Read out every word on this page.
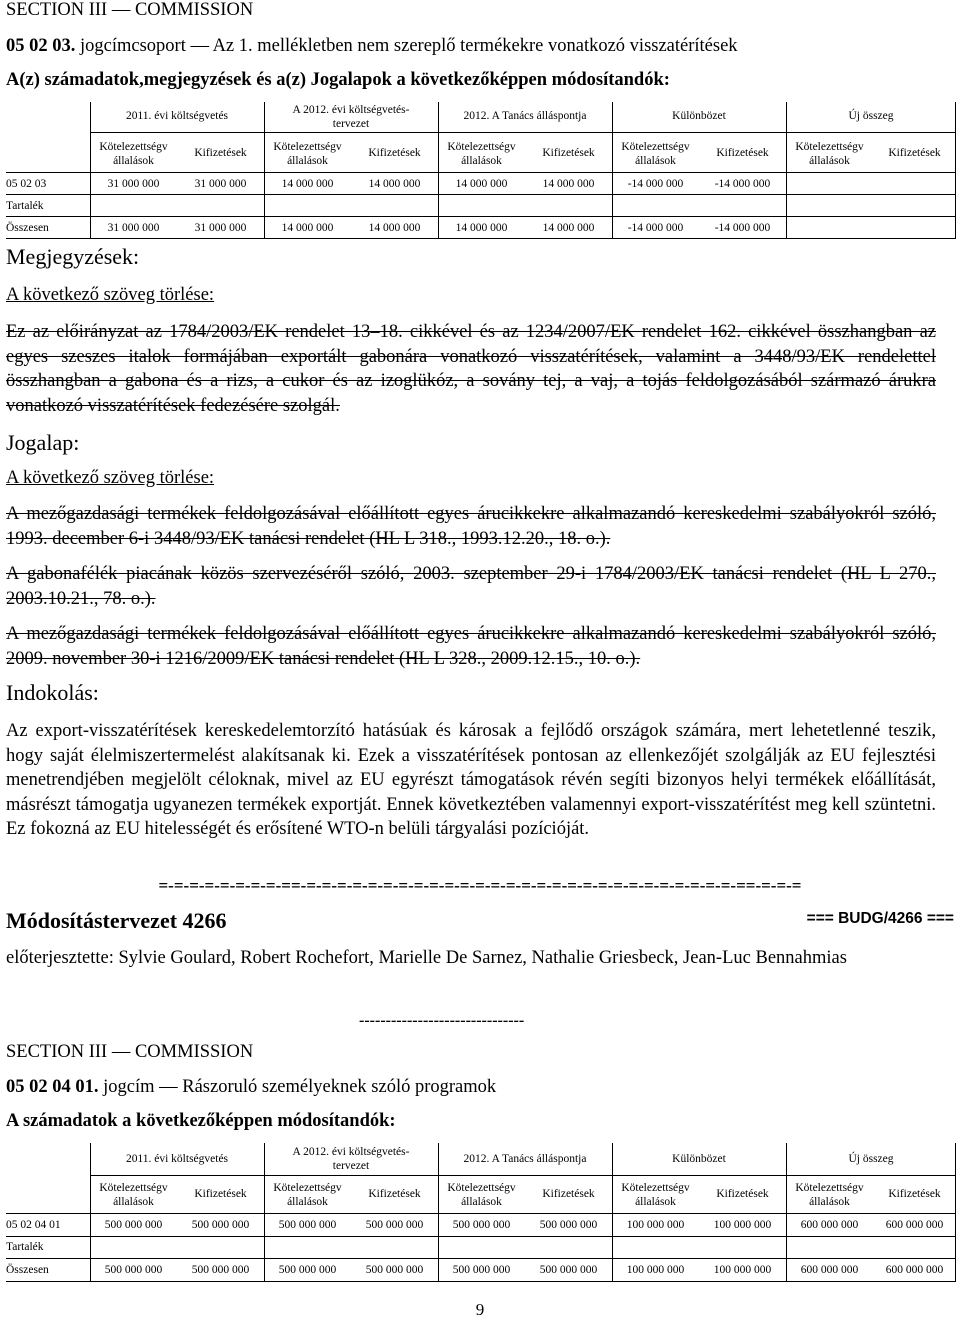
SECTION III — COMMISSION
05 02 03. jogcímcsoport — Az 1. mellékletben nem szereplő termékekre vonatkozó visszatérítések
A(z) számadatok,megjegyzések és a(z) Jogalapok a következőképpen módosítandók:
2011. évi költségvetés	A 2012. évi költségvetés-
tervezet
2012. A Tanács álláspontja	Különbözet	Új összeg
Kötelezettségv
állalások
Kifizetések	Kötelezettségv
állalások
Kifizetések	Kötelezettségv
állalások
Kifizetések	Kötelezettségv
állalások
Kifizetések	Kötelezettségv
állalások
Kifizetések
05 02 03	31 000 000	31 000 000	14 000 000	14 000 000	14 000 000	14 000 000	-14 000 000	-14 000 000
Tartalék
Összesen	31 000 000	31 000 000	14 000 000	14 000 000	14 000 000	14 000 000	-14 000 000	-14 000 000
Megjegyzések:
A következő szöveg törlése:
Ez az előirányzat az 1784/2003/EK rendelet 13–18. cikkével és az 1234/2007/EK rendelet 162. cikkével összhangban az egyes szeszes italok formájában exportált gabonára vonatkozó visszatérítések, valamint a 3448/93/EK rendelettel összhangban a gabona és a rizs, a cukor és az izoglükóz, a sovány tej, a vaj, a tojás feldolgozásából származó árukra vonatkozó visszatérítések fedezésére szolgál.
Jogalap:
A következő szöveg törlése:
A mezőgazdasági termékek feldolgozásával előállított egyes árucikkekre alkalmazandó kereskedelmi szabályokról szóló, 1993. december 6-i 3448/93/EK tanácsi rendelet (HL L 318., 1993.12.20., 18. o.).
A gabonafélék piacának közös szervezéséről szóló, 2003. szeptember 29-i 1784/2003/EK tanácsi rendelet (HL L 270., 2003.10.21., 78. o.).
A mezőgazdasági termékek feldolgozásával előállított egyes árucikkekre alkalmazandó kereskedelmi szabályokról szóló, 2009. november 30-i 1216/2009/EK tanácsi rendelet (HL L 328., 2009.12.15., 10. o.).
Indokolás:
Az export-visszatérítések kereskedelemtorzító hatásúak és károsak a fejlődő országok számára, mert lehetetlenné teszik, hogy saját élelmiszertermelést alakítsanak ki. Ezek a visszatérítések pontosan az ellenkezőjét szolgálják az EU fejlesztési menetrendjében megjelölt céloknak, mivel az EU egyrészt támogatások révén segíti bizonyos helyi termékek előállítását, másrészt támogatja ugyanezen termékek exportját. Ennek következtében valamennyi export-visszatérítést meg kell szüntetni. Ez fokozná az EU hitelességét és erősítené WTO-n belüli tárgyalási pozícióját.
=-=-=-=-=-=-=-=-==-=-=-=-=-=-=-=-=-=-=-=-=-=-=-=-=-=-=-=-=-=-=-=-=-=-=-=-=-==-=-=-=
Módosítástervezet 4266	=== BUDG/4266 ===
előterjesztette: Sylvie Goulard, Robert Rochefort, Marielle De Sarnez, Nathalie Griesbeck, Jean-Luc Bennahmias
-------------------------------
SECTION III — COMMISSION
05 02 04 01. jogcím — Rászoruló személyeknek szóló programok
A számadatok a következőképpen módosítandók:
2011. évi költségvetés
A 2012. évi költségvetés-
tervezet
2012. A Tanács álláspontja	Különbözet	Új összeg
Kötelezettségv
állalások
Kifizetések	Kötelezettségv
állalások
Kifizetések	Kötelezettségv
állalások
Kifizetések	Kötelezettségv
állalások
Kifizetések	Kötelezettségv
állalások
Kifizetések
05 02 04 01	500 000 000	500 000 000	500 000 000	500 000 000	500 000 000	500 000 000	100 000 000	100 000 000	600 000 000	600 000 000
Tartalék
Összesen	500 000 000	500 000 000	500 000 000	500 000 000	500 000 000	500 000 000	100 000 000	100 000 000	600 000 000	600 000 000
9
